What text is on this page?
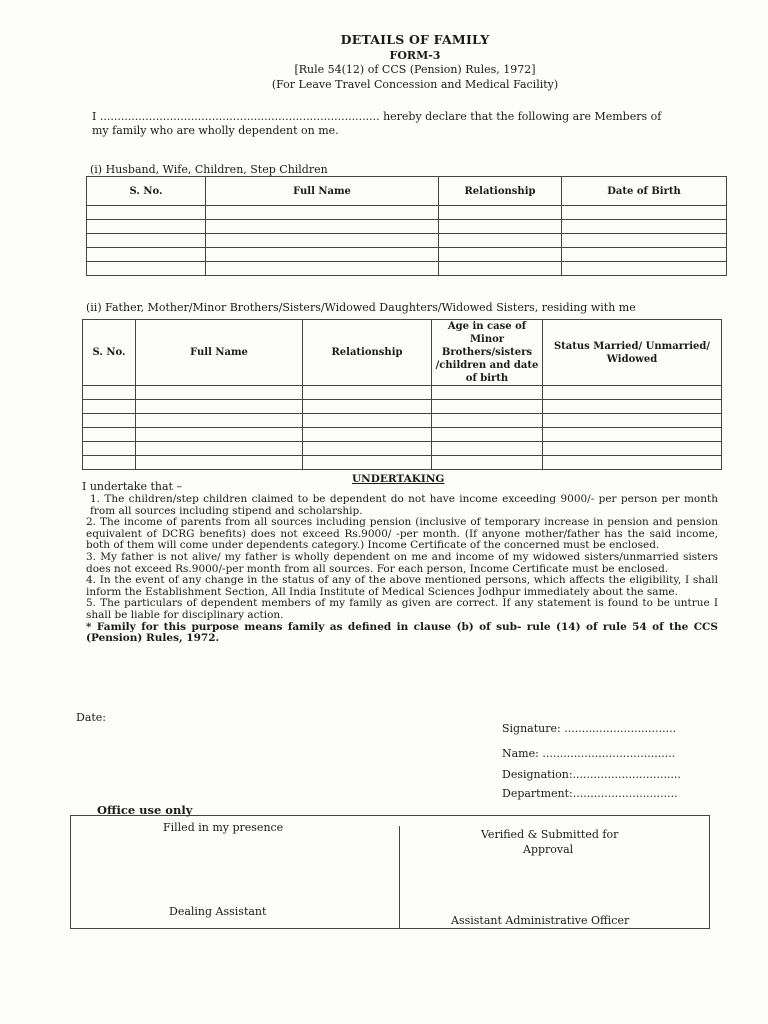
DETAILS OF FAMILY
FORM-3
[Rule 54(12) of CCS (Pension) Rules, 1972]
(For Leave Travel Concession and Medical Facility)
I ................................................................................ hereby declare that the following are Members of
my family who are wholly dependent on me.
(i) Husband, Wife, Children, Step Children
S. No.	Full Name	Relationship	Date of Birth

(ii) Father, Mother/Minor Brothers/Sisters/Widowed Daughters/Widowed Sisters, residing with me
S. No.	Full Name	Relationship	Age in case of Minor Brothers/sisters /children and date of birth	Status Married/ Unmarried/ Widowed

UNDERTAKING
I undertake that –

1. The children/step children claimed to be dependent do not have income exceeding 9000/- per person per month from all sources including stipend and scholarship.

2. The income of parents from all sources including pension (inclusive of temporary increase in pension and pension equivalent of DCRG benefits) does not exceed Rs.9000/ -per month. (If anyone mother/father has the said income, both of them will come under dependents category.) Income Certificate of the concerned must be enclosed.

3. My father is not alive/ my father is wholly dependent on me and income of my widowed sisters/unmarried sisters does not exceed Rs.9000/-per month from all sources. For each person, Income Certificate must be enclosed.

4. In the event of any change in the status of any of the above mentioned persons, which affects the eligibility, I shall inform the Establishment Section, All India Institute of Medical Sciences Jodhpur immediately about the same.

5. The particulars of dependent members of my family as given are correct. If any statement is found to be untrue I shall be liable for disciplinary action.

* Family for this purpose means family as defined in clause (b) of sub- rule (14) of rule 54 of the CCS (Pension) Rules, 1972.

Date:
Signature: ................................
Name: ......................................
Designation:...............................
Department:..............................
Office use only
Filled in my presence
Verified & Submitted for
Approval
Dealing Assistant
Assistant Administrative Officer
